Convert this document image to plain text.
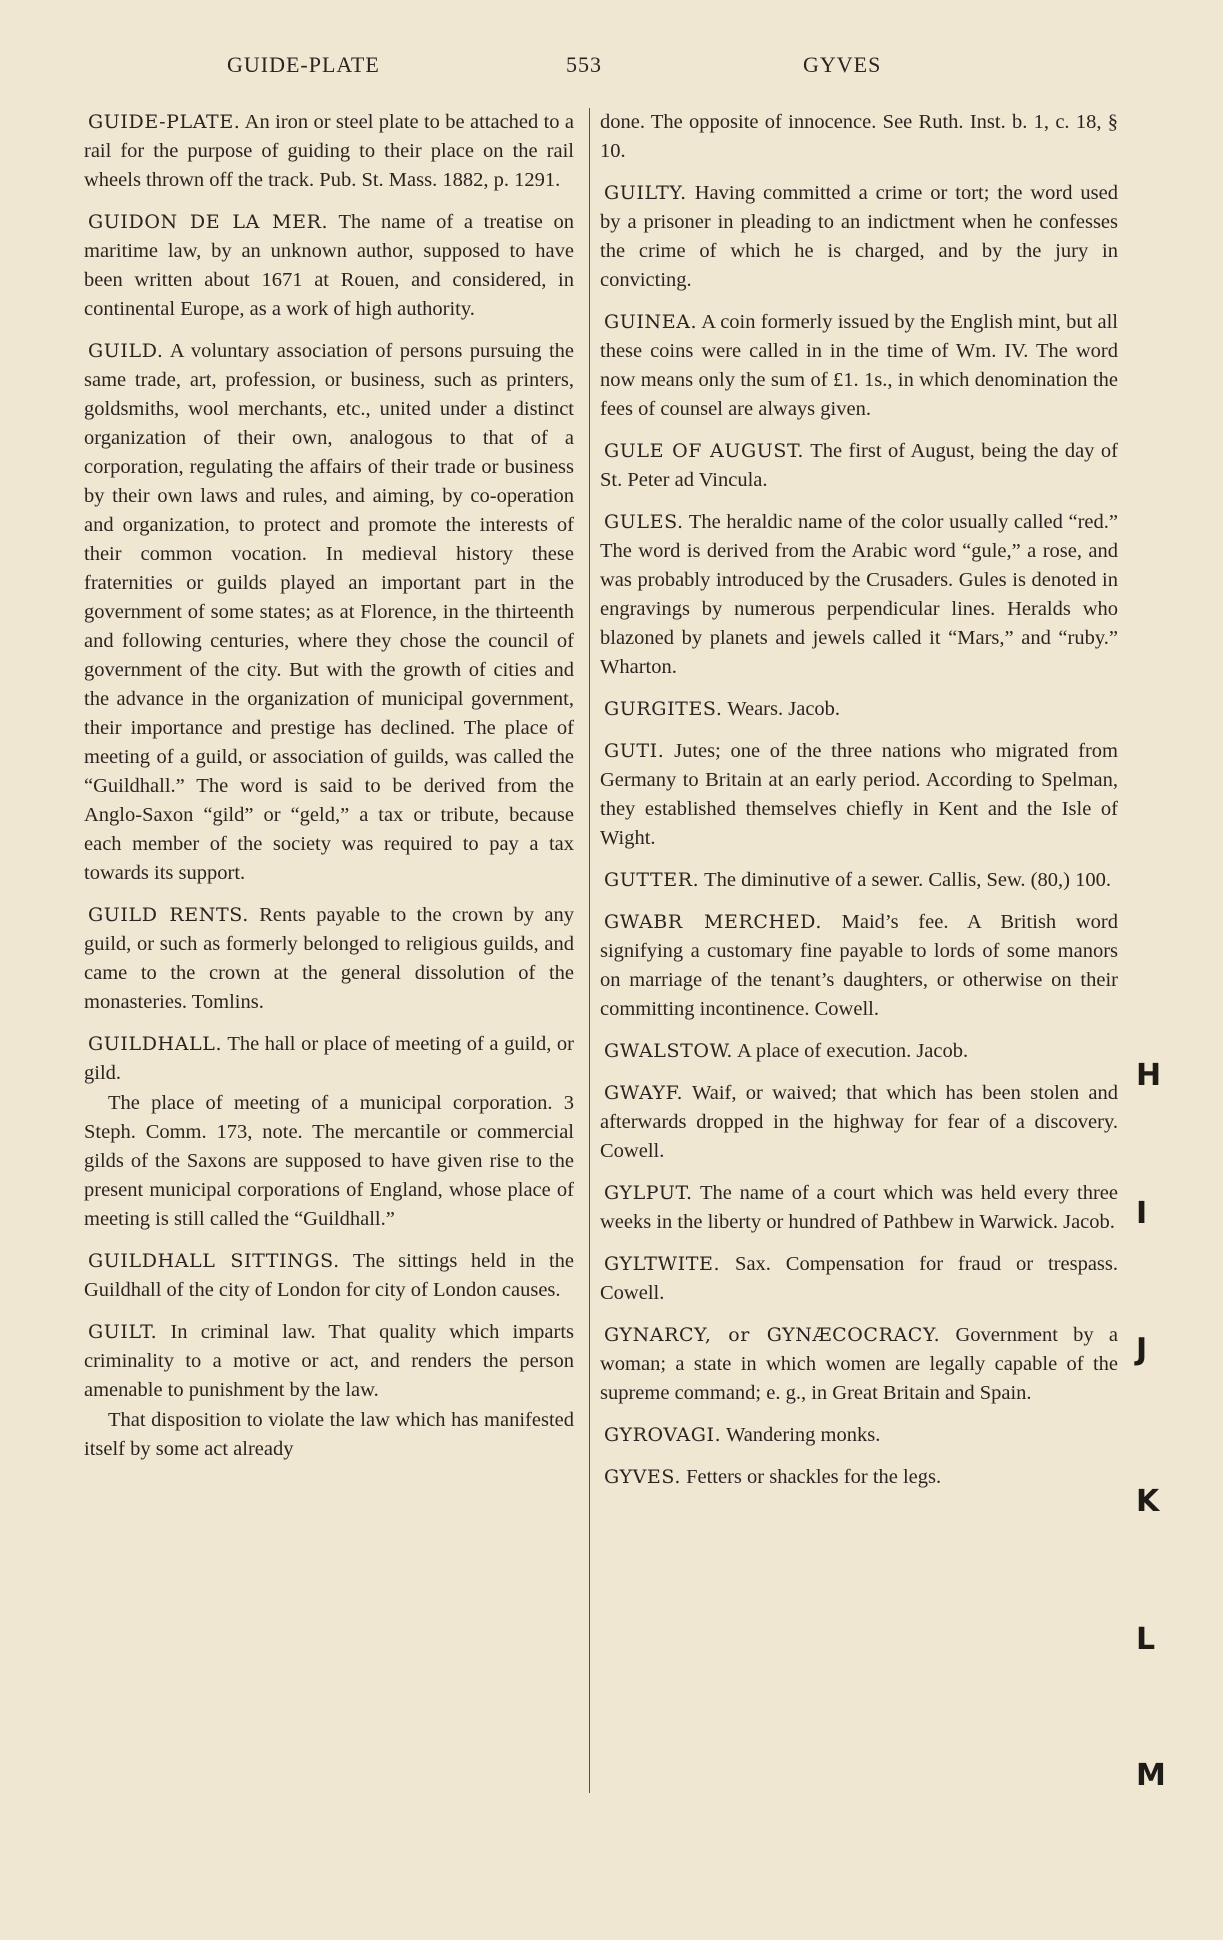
GUIDE-PLATE	553	GYVES

GUIDE-PLATE. An iron or steel plate to be attached to a rail for the purpose of guiding to their place on the rail wheels thrown off the track. Pub. St. Mass. 1882, p. 1291.

GUIDON DE LA MER. The name of a treatise on maritime law, by an unknown author, supposed to have been written about 1671 at Rouen, and considered, in continental Europe, as a work of high authority.

GUILD. A voluntary association of persons pursuing the same trade, art, profession, or business, such as printers, goldsmiths, wool merchants, etc., united under a distinct organization of their own, analogous to that of a corporation, regulating the affairs of their trade or business by their own laws and rules, and aiming, by co-operation and organization, to protect and promote the interests of their common vocation. In medieval history these fraternities or guilds played an important part in the government of some states; as at Florence, in the thirteenth and following centuries, where they chose the council of government of the city. But with the growth of cities and the advance in the organization of municipal government, their importance and prestige has declined. The place of meeting of a guild, or association of guilds, was called the “Guildhall.” The word is said to be derived from the Anglo-Saxon “gild” or “geld,” a tax or tribute, because each member of the society was required to pay a tax towards its support.

GUILD RENTS. Rents payable to the crown by any guild, or such as formerly belonged to religious guilds, and came to the crown at the general dissolution of the monasteries. Tomlins.

GUILDHALL. The hall or place of meeting of a guild, or gild.

The place of meeting of a municipal corporation. 3 Steph. Comm. 173, note. The mercantile or commercial gilds of the Saxons are supposed to have given rise to the present municipal corporations of England, whose place of meeting is still called the “Guildhall.”

GUILDHALL SITTINGS. The sittings held in the Guildhall of the city of London for city of London causes.

GUILT. In criminal law. That quality which imparts criminality to a motive or act, and renders the person amenable to punishment by the law.

That disposition to violate the law which has manifested itself by some act already

done. The opposite of innocence. See Ruth. Inst. b. 1, c. 18, § 10.

GUILTY. Having committed a crime or tort; the word used by a prisoner in pleading to an indictment when he confesses the crime of which he is charged, and by the jury in convicting.

GUINEA. A coin formerly issued by the English mint, but all these coins were called in in the time of Wm. IV. The word now means only the sum of £1. 1s., in which denomination the fees of counsel are always given.

GULE OF AUGUST. The first of August, being the day of St. Peter ad Vincula.

GULES. The heraldic name of the color usually called “red.” The word is derived from the Arabic word “gule,” a rose, and was probably introduced by the Crusaders. Gules is denoted in engravings by numerous perpendicular lines. Heralds who blazoned by planets and jewels called it “Mars,” and “ruby.” Wharton.

GURGITES. Wears. Jacob.

GUTI. Jutes; one of the three nations who migrated from Germany to Britain at an early period. According to Spelman, they established themselves chiefly in Kent and the Isle of Wight.

GUTTER. The diminutive of a sewer. Callis, Sew. (80,) 100.

GWABR MERCHED. Maid’s fee. A British word signifying a customary fine payable to lords of some manors on marriage of the tenant’s daughters, or otherwise on their committing incontinence. Cowell.

GWALSTOW. A place of execution. Jacob.

GWAYF. Waif, or waived; that which has been stolen and afterwards dropped in the highway for fear of a discovery. Cowell.

GYLPUT. The name of a court which was held every three weeks in the liberty or hundred of Pathbew in Warwick. Jacob.

GYLTWITE. Sax. Compensation for fraud or trespass. Cowell.

GYNARCY, or GYNÆCOCRACY. Government by a woman; a state in which women are legally capable of the supreme command; e. g., in Great Britain and Spain.

GYROVAGI. Wandering monks.

GYVES. Fetters or shackles for the legs.

H
I
J
K
L
M
